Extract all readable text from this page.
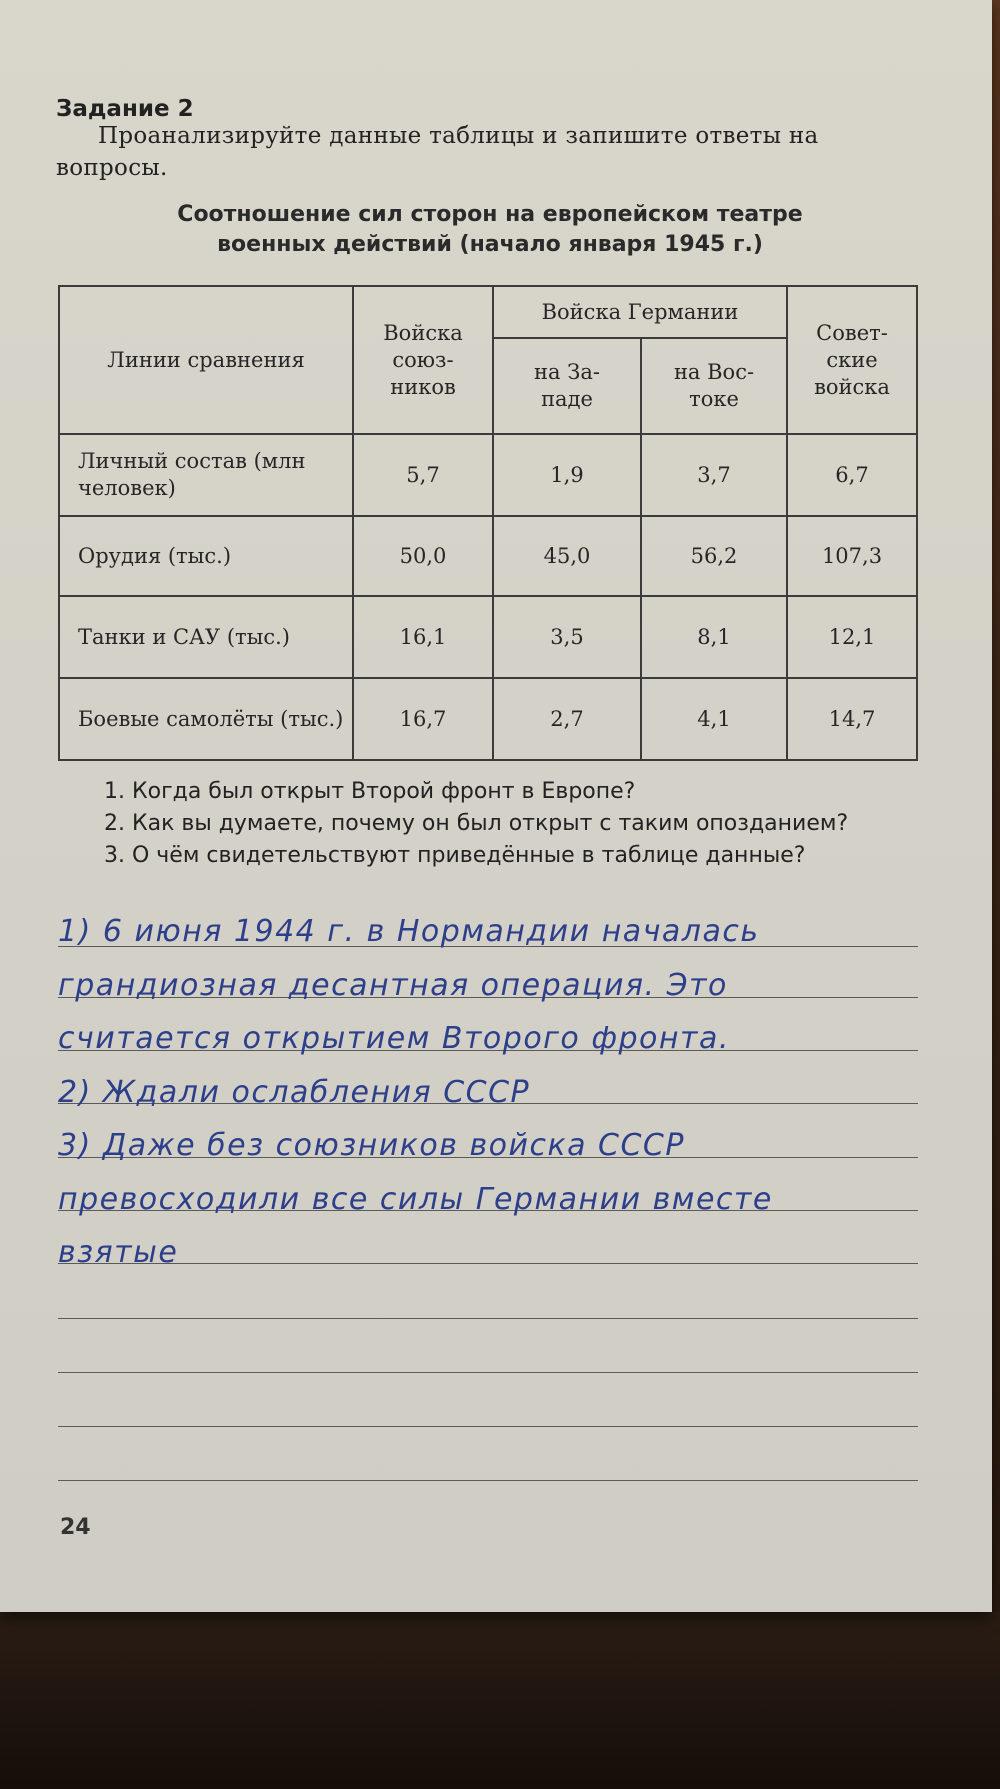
Задание 2
Проанализируйте данные таблицы и запишите ответы на вопросы.
Соотношение сил сторон на европейском театре
военных действий (начало января 1945 г.)
Линии сравнения	Войска союз-ников	Войска Германии		Совет-ские войска
		на За-паде	на Вос-токе	
Личный состав (млн человек)	5,7	1,9	3,7	6,7
Орудия (тыс.)	50,0	45,0	56,2	107,3
Танки и САУ (тыс.)	16,1	3,5	8,1	12,1
Боевые самолёты (тыс.)	16,7	2,7	4,1	14,7
1. Когда был открыт Второй фронт в Европе?
2. Как вы думаете, почему он был открыт с таким опозданием?
3. О чём свидетельствуют приведённые в таблице данные?
1) 6 июня 1944 г. в Нормандии началась
грандиозная десантная операция. Это
считается открытием Второго фронта.
2) Ждали ослабления СССР
3) Даже без союзников войска СССР
превосходили все силы Германии вместе
взятые
24
